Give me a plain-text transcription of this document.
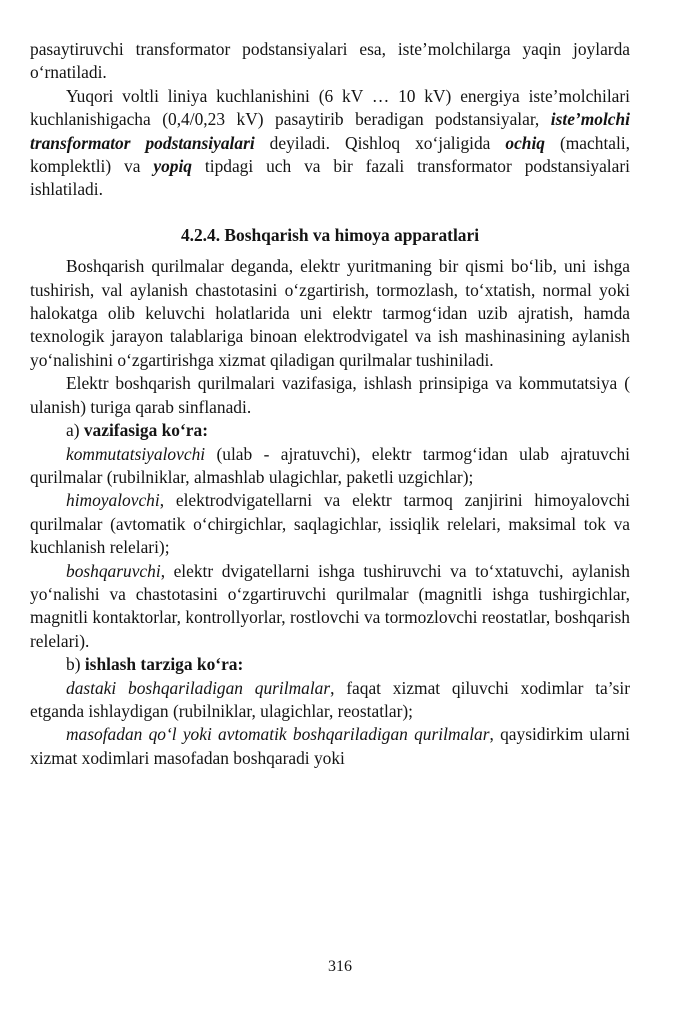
pasaytiruvchi transformator podstansiyalari esa, iste’molchilarga yaqin joylarda o‘rnatiladi.

Yuqori voltli liniya kuchlanishini (6 kV … 10 kV) energiya iste’molchilari kuchlanishigacha (0,4/0,23 kV) pasaytirib beradigan podstansiyalar, iste’molchi transformator podstansiyalari deyiladi. Qishloq xo‘jaligida ochiq (machtali, komplektli) va yopiq tipdagi uch va bir fazali transformator podstansiyalari ishlatiladi.

4.2.4. Boshqarish va himoya apparatlari

Boshqarish qurilmalar deganda, elektr yuritmaning bir qismi bo‘lib, uni ishga tushirish, val aylanish chastotasini o‘zgartirish, tormozlash, to‘xtatish, normal yoki halokatga olib keluvchi holatlarida uni elektr tarmog‘idan uzib ajratish, hamda texnologik jarayon talablariga binoan elektrodvigatel va ish mashinasining aylanish yo‘nalishini o‘zgartirishga xizmat qiladigan qurilmalar tushiniladi.

Elektr boshqarish qurilmalari vazifasiga, ishlash prinsipiga va kommutatsiya ( ulanish) turiga qarab sinflanadi.

a) vazifasiga ko‘ra:

kommutatsiyalovchi (ulab - ajratuvchi), elektr tarmog‘idan ulab ajratuvchi qurilmalar (rubilniklar, almashlab ulagichlar, paketli uzgichlar);

himoyalovchi, elektrodvigatellarni va elektr tarmoq zanjirini himoyalovchi qurilmalar (avtomatik o‘chirgichlar, saqlagichlar, issiqlik relelari, maksimal tok va kuchlanish relelari);

boshqaruvchi, elektr dvigatellarni ishga tushiruvchi va to‘xtatuvchi, aylanish yo‘nalishi va chastotasini o‘zgartiruvchi qurilmalar (magnitli ishga tushirgichlar, magnitli kontaktorlar, kontrollyorlar, rostlovchi va tormozlovchi reostatlar, boshqarish relelari).

b) ishlash tarziga ko‘ra:

dastaki boshqariladigan qurilmalar, faqat xizmat qiluvchi xodimlar ta’sir etganda ishlaydigan (rubilniklar, ulagichlar, reostatlar);

masofadan qo‘l yoki avtomatik boshqariladigan qurilmalar, qaysidirkim ularni xizmat xodimlari masofadan boshqaradi yoki

316
